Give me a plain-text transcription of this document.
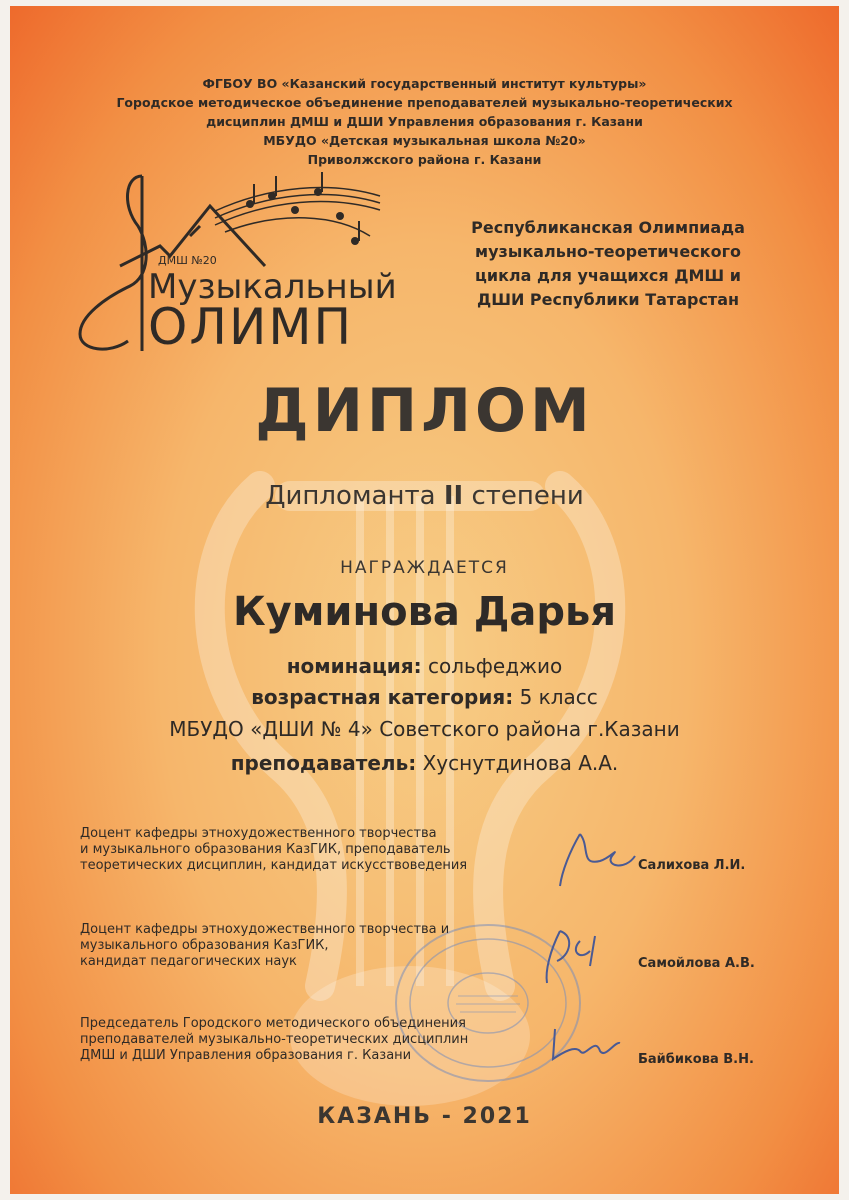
ФГБОУ ВО «Казанский государственный институт культуры»
Городское методическое объединение преподавателей музыкально-теоретических
дисциплин ДМШ и ДШИ Управления образования г. Казани
МБУДО «Детская музыкальная школа №20»
Приволжского района г. Казани
ДМШ №20
Музыкальный
ОЛИМП
Республиканская Олимпиада
музыкально-теоретического
цикла для учащихся ДМШ и
ДШИ Республики Татарстан
ДИПЛОМ
Дипломанта II степени
НАГРАЖДАЕТСЯ
Куминова Дарья
номинация: сольфеджио
возрастная категория: 5 класс
МБУДО «ДШИ № 4» Советского района г.Казани
преподаватель: Хуснутдинова А.А.
Доцент кафедры этнохудожественного творчества
и музыкального образования КазГИК, преподаватель
теоретических дисциплин, кандидат искусствоведения	Салихова Л.И.
Доцент кафедры этнохудожественного творчества и
музыкального образования КазГИК,
кандидат педагогических наук	Самойлова А.В.
Председатель Городского методического объединения
преподавателей музыкально-теоретических дисциплин
ДМШ и ДШИ Управления образования г. Казани	Байбикова В.Н.
КАЗАНЬ - 2021
